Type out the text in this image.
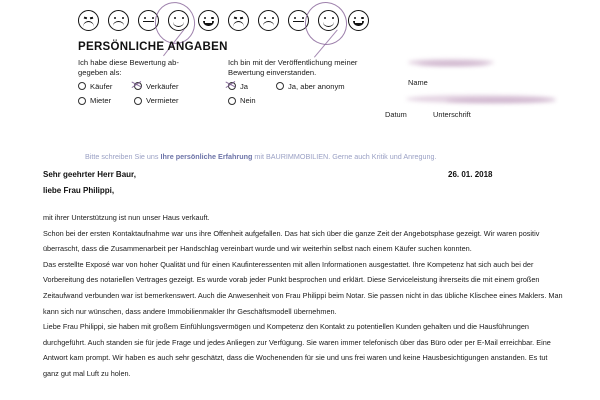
PERSÖNLICHE ANGABEN
Ich habe diese Bewertung ab-gegeben als:
Käufer	Verkäufer
Mieter	Vermieter
Ich bin mit der Veröffentlichung meiner Bewertung einverstanden.
Ja	Ja, aber anonym
Nein
Name
Datum	Unterschrift
Bitte schreiben Sie uns Ihre persönliche Erfahrung mit BAURIMMOBILIEN. Gerne auch Kritik und Anregung.
Sehr geehrter Herr Baur,
liebe Frau Philippi,
26. 01. 2018

mit ihrer Unterstützung ist nun unser Haus verkauft.

Schon bei der ersten Kontaktaufnahme war uns ihre Offenheit aufgefallen. Das hat sich über die ganze Zeit der Angebotsphase gezeigt. Wir waren positiv überrascht, dass die Zusammenarbeit per Handschlag vereinbart wurde und wir weiterhin selbst nach einem Käufer suchen konnten.

Das erstellte Exposé war von hoher Qualität und für einen Kaufinteressenten mit allen Informationen ausgestattet. Ihre Kompetenz hat sich auch bei der Vorbereitung des notariellen Vertrages gezeigt. Es wurde vorab jeder Punkt besprochen und erklärt. Diese Serviceleistung ihrerseits die mit einem großen Zeitaufwand verbunden war ist bemerkenswert. Auch die Anwesenheit von Frau Philippi beim Notar. Sie passen nicht in das übliche Klischee eines Maklers. Man kann sich nur wünschen, dass andere Immobilienmakler Ihr Geschäftsmodell übernehmen.

Liebe Frau Philippi, sie haben mit großem Einfühlungsvermögen und Kompetenz den Kontakt zu potentiellen Kunden gehalten und die Hausführungen durchgeführt. Auch standen sie für jede Frage und jedes Anliegen zur Verfügung. Sie waren immer telefonisch über das Büro oder per E-Mail erreichbar. Eine Antwort kam prompt. Wir haben es auch sehr geschätzt, dass die Wochenenden für sie und uns frei waren und keine Hausbesichtigungen anstanden. Es tut ganz gut mal Luft zu holen.
